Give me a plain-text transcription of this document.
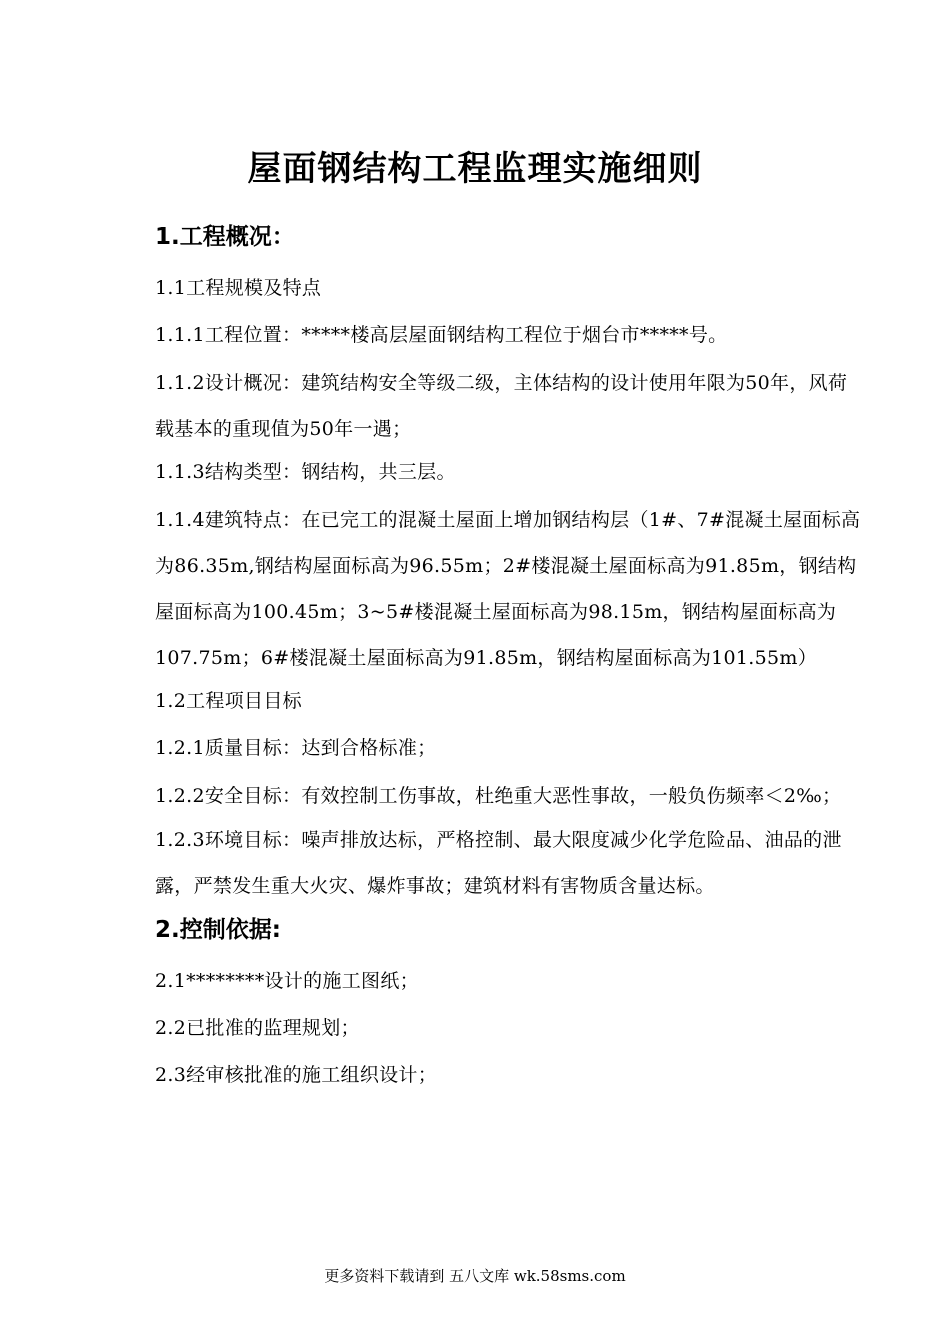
屋面钢结构工程监理实施细则
1.工程概况：

1.1工程规模及特点

1.1.1工程位置：*****楼高层屋面钢结构工程位于烟台市*****号。

1.1.2设计概况：建筑结构安全等级二级，主体结构的设计使用年限为50年，风荷载基本的重现值为50年一遇；

1.1.3结构类型：钢结构，共三层。

1.1.4建筑特点：在已完工的混凝土屋面上增加钢结构层（1#、7#混凝土屋面标高为86.35m,钢结构屋面标高为96.55m；2#楼混凝土屋面标高为91.85m，钢结构屋面标高为100.45m；3~5#楼混凝土屋面标高为98.15m，钢结构屋面标高为107.75m；6#楼混凝土屋面标高为91.85m，钢结构屋面标高为101.55m）

1.2工程项目目标

1.2.1质量目标：达到合格标准；

1.2.2安全目标：有效控制工伤事故，杜绝重大恶性事故，一般负伤频率＜2‰；

1.2.3环境目标：噪声排放达标，严格控制、最大限度减少化学危险品、油品的泄露，严禁发生重大火灾、爆炸事故；建筑材料有害物质含量达标。

2.控制依据:

2.1********设计的施工图纸；

2.2已批准的监理规划；

2.3经审核批准的施工组织设计；

更多资料下载请到 五八文库 wk.58sms.com
